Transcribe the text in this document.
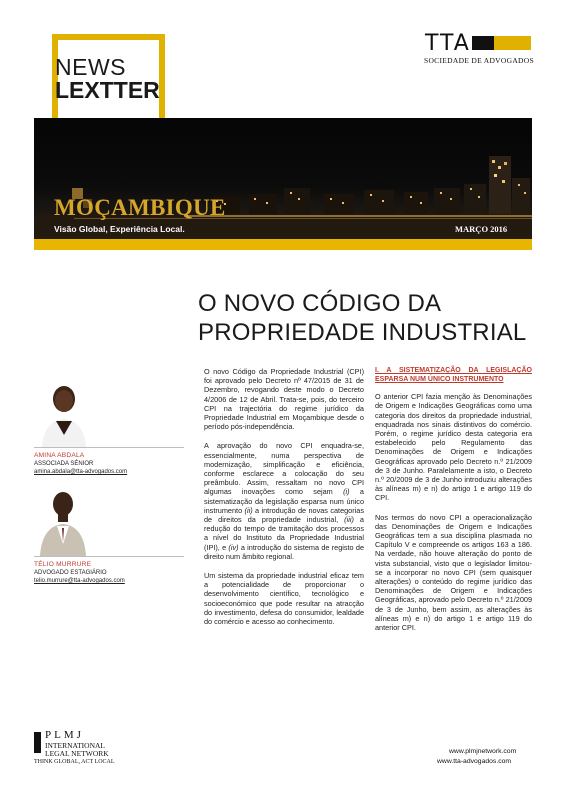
NEWS
LEXTTER
TTA
SOCIEDADE DE ADVOGADOS
MOÇAMBIQUE
Visão Global, Experiência Local.	MARÇO 2016
O NOVO CÓDIGO DA PROPRIEDADE INDUSTRIAL
AMINA ABDALA
ASSOCIADA SÉNIOR
amina.abdala@tta-advogados.com
TÉLIO MURRURE
ADVOGADO ESTAGIÁRIO
telio.murrure@tta-advogados.com

O novo Código da Propriedade Industrial (CPI) foi aprovado pelo Decreto nº 47/2015 de 31 de Dezembro, revogando deste modo o Decreto 4/2006 de 12 de Abril. Trata-se, pois, do terceiro CPI na trajectória do regime jurídico da Propriedade Industrial em Moçambique desde o período pós-independência.

A aprovação do novo CPI enquadra-se, essencialmente, numa perspectiva de modernização, simplificação e eficiência, conforme esclarece a colocação do seu preâmbulo. Assim, ressaltam no novo CPI algumas inovações como sejam (i) a sistematização da legislação esparsa num único instrumento (ii) a introdução de novas categorias de direitos da propriedade industrial, (iii) a redução do tempo de tramitação dos processos a nível do Instituto da Propriedade Industrial (IPI), e (iv) a introdução do sistema de registo de direito num âmbito regional.

Um sistema da propriedade industrial eficaz tem a potencialidade de proporcionar o desenvolvimento científico, tecnológico e socioeconómico que pode resultar na atracção do investimento, defesa do consumidor, lealdade do comércio e acesso ao conhecimento.

I. A SISTEMATIZAÇÃO DA LEGISLAÇÃO ESPARSA NUM ÚNICO INSTRUMENTO

O anterior CPI fazia menção às Denominações de Origem e Indicações Geográficas como uma categoria dos direitos da propriedade industrial, enquadrada nos sinais distintivos do comércio. Porém, o regime jurídico desta categoria era estabelecido pelo Regulamento das Denominações de Origem e Indicações Geográficas aprovado pelo Decreto n.º 21/2009 de 3 de Junho. Paralelamente a isto, o Decreto n.º 20/2009 de 3 de Junho introduziu alterações às alíneas m) e n) do artigo 1 e artigo 119 do CPI.

Nos termos do novo CPI a operacionalização das Denominações de Origem e Indicações Geográficas tem a sua disciplina plasmada no Capítulo V e compreende os artigos 163 a 186. Na verdade, não houve alteração do ponto de vista substancial, visto que o legislador limitou-se a incorporar no novo CPI (sem quaisquer alterações) o conteúdo do regime jurídico das Denominações de Origem e Indicações Geográficas, aprovado pelo Decreto n.º 21/2009 de 3 de Junho, bem assim, as alterações às alíneas m) e n) do artigo 1 e artigo 119 do anterior CPI.

PLMJ
INTERNATIONAL
LEGAL NETWORK
THINK GLOBAL, ACT LOCAL
www.plmjnetwork.com
www.tta-advogados.com
